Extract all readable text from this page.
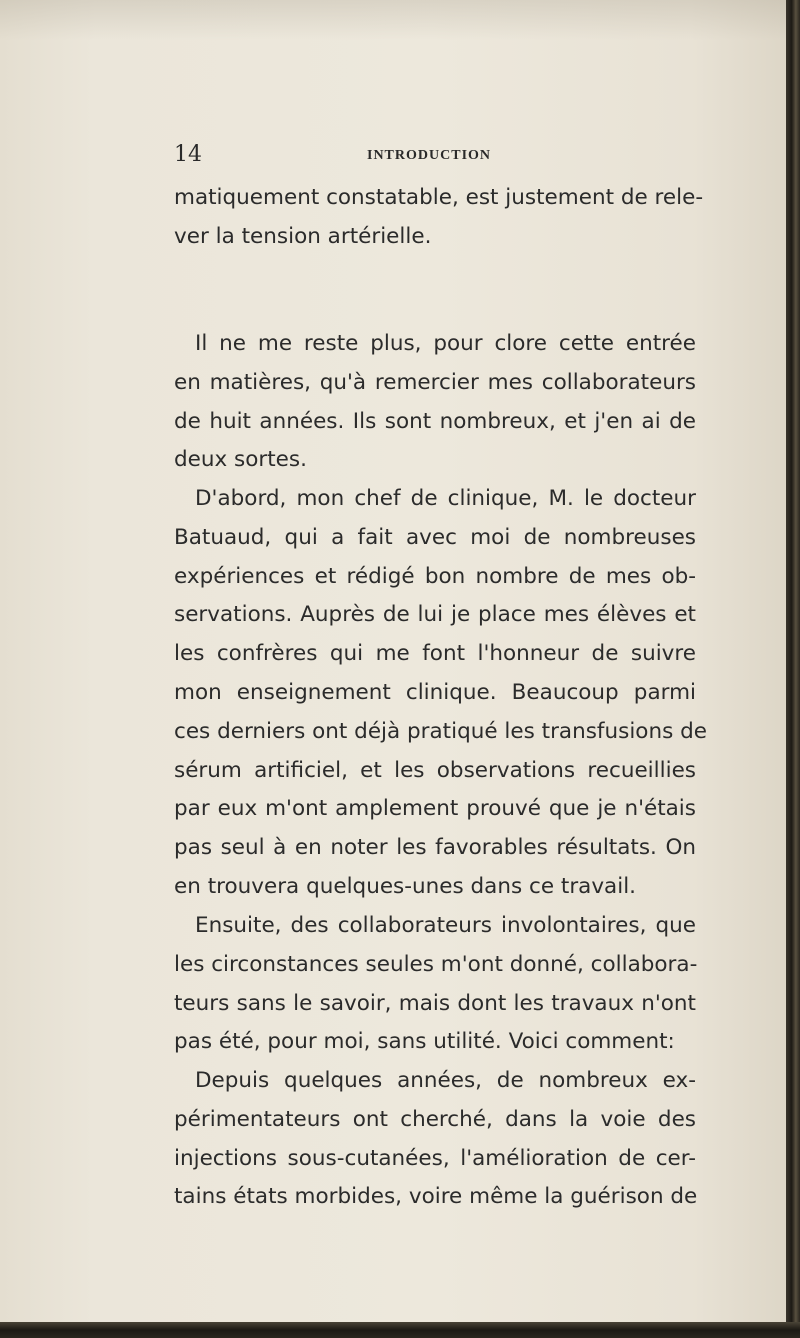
14	INTRODUCTION
matiquement constatable, est justement de rele-
ver la tension artérielle.
Il ne me reste plus, pour clore cette entrée
en matières, qu'à remercier mes collaborateurs
de huit années. Ils sont nombreux, et j'en ai de
deux sortes.
D'abord, mon chef de clinique, M. le docteur
Batuaud, qui a fait avec moi de nombreuses
expériences et rédigé bon nombre de mes ob-
servations. Auprès de lui je place mes élèves et
les confrères qui me font l'honneur de suivre
mon enseignement clinique. Beaucoup parmi
ces derniers ont déjà pratiqué les transfusions de
sérum artificiel, et les observations recueillies
par eux m'ont amplement prouvé que je n'étais
pas seul à en noter les favorables résultats. On
en trouvera quelques-unes dans ce travail.
Ensuite, des collaborateurs involontaires, que
les circonstances seules m'ont donné, collabora-
teurs sans le savoir, mais dont les travaux n'ont
pas été, pour moi, sans utilité. Voici comment:
Depuis quelques années, de nombreux ex-
périmentateurs ont cherché, dans la voie des
injections sous-cutanées, l'amélioration de cer-
tains états morbides, voire même la guérison de
